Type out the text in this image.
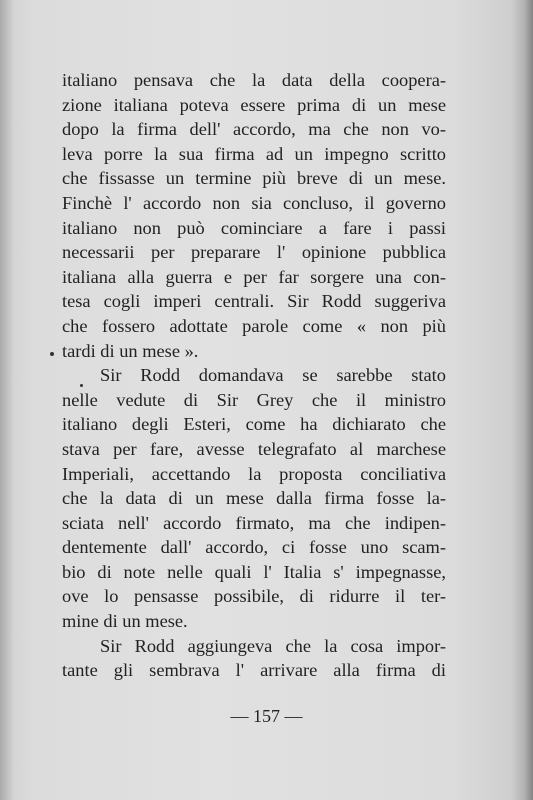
italiano pensava che la data della coopera-
zione italiana poteva essere prima di un mese
dopo la firma dell' accordo, ma che non vo-
leva porre la sua firma ad un impegno scritto
che fissasse un termine più breve di un mese.
Finchè l' accordo non sia concluso, il governo
italiano non può cominciare a fare i passi
necessarii per preparare l' opinione pubblica
italiana alla guerra e per far sorgere una con-
tesa cogli imperi centrali. Sir Rodd suggeriva
che fossero adottate parole come « non più
tardi di un mese ».
Sir Rodd domandava se sarebbe stato
nelle vedute di Sir Grey che il ministro
italiano degli Esteri, come ha dichiarato che
stava per fare, avesse telegrafato al marchese
Imperiali, accettando la proposta conciliativa
che la data di un mese dalla firma fosse la-
sciata nell' accordo firmato, ma che indipen-
dentemente dall' accordo, ci fosse uno scam-
bio di note nelle quali l' Italia s' impegnasse,
ove lo pensasse possibile, di ridurre il ter-
mine di un mese.
Sir Rodd aggiungeva che la cosa impor-
tante gli sembrava l' arrivare alla firma di
— 157 —
